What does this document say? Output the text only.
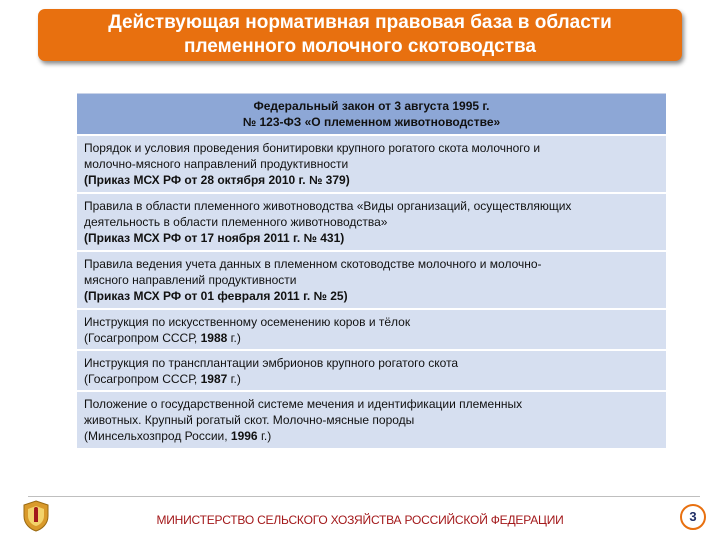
Действующая нормативная правовая база в области
племенного молочного скотоводства
Федеральный закон от 3 августа 1995 г.
№ 123-ФЗ «О племенном животноводстве»
Порядок и условия проведения бонитировки крупного рогатого скота молочного и
молочно-мясного направлений продуктивности
(Приказ МСХ РФ от 28 октября 2010 г. № 379)
Правила в области племенного животноводства «Виды организаций, осуществляющих
деятельность в области племенного животноводства»
(Приказ МСХ РФ от 17 ноября 2011 г. № 431)
Правила ведения учета данных в племенном скотоводстве молочного и молочно-
мясного направлений продуктивности
(Приказ МСХ РФ от 01 февраля 2011 г. № 25)
Инструкция по искусственному осеменению коров и тёлок
(Госагропром СССР, 1988 г.)
Инструкция по трансплантации эмбрионов крупного рогатого скота
(Госагропром СССР, 1987 г.)
Положение о государственной системе мечения и идентификации племенных
животных. Крупный рогатый скот. Молочно-мясные породы
(Минсельхозпрод России, 1996 г.)
МИНИСТЕРСТВО СЕЛЬСКОГО ХОЗЯЙСТВА РОССИЙСКОЙ ФЕДЕРАЦИИ	3
